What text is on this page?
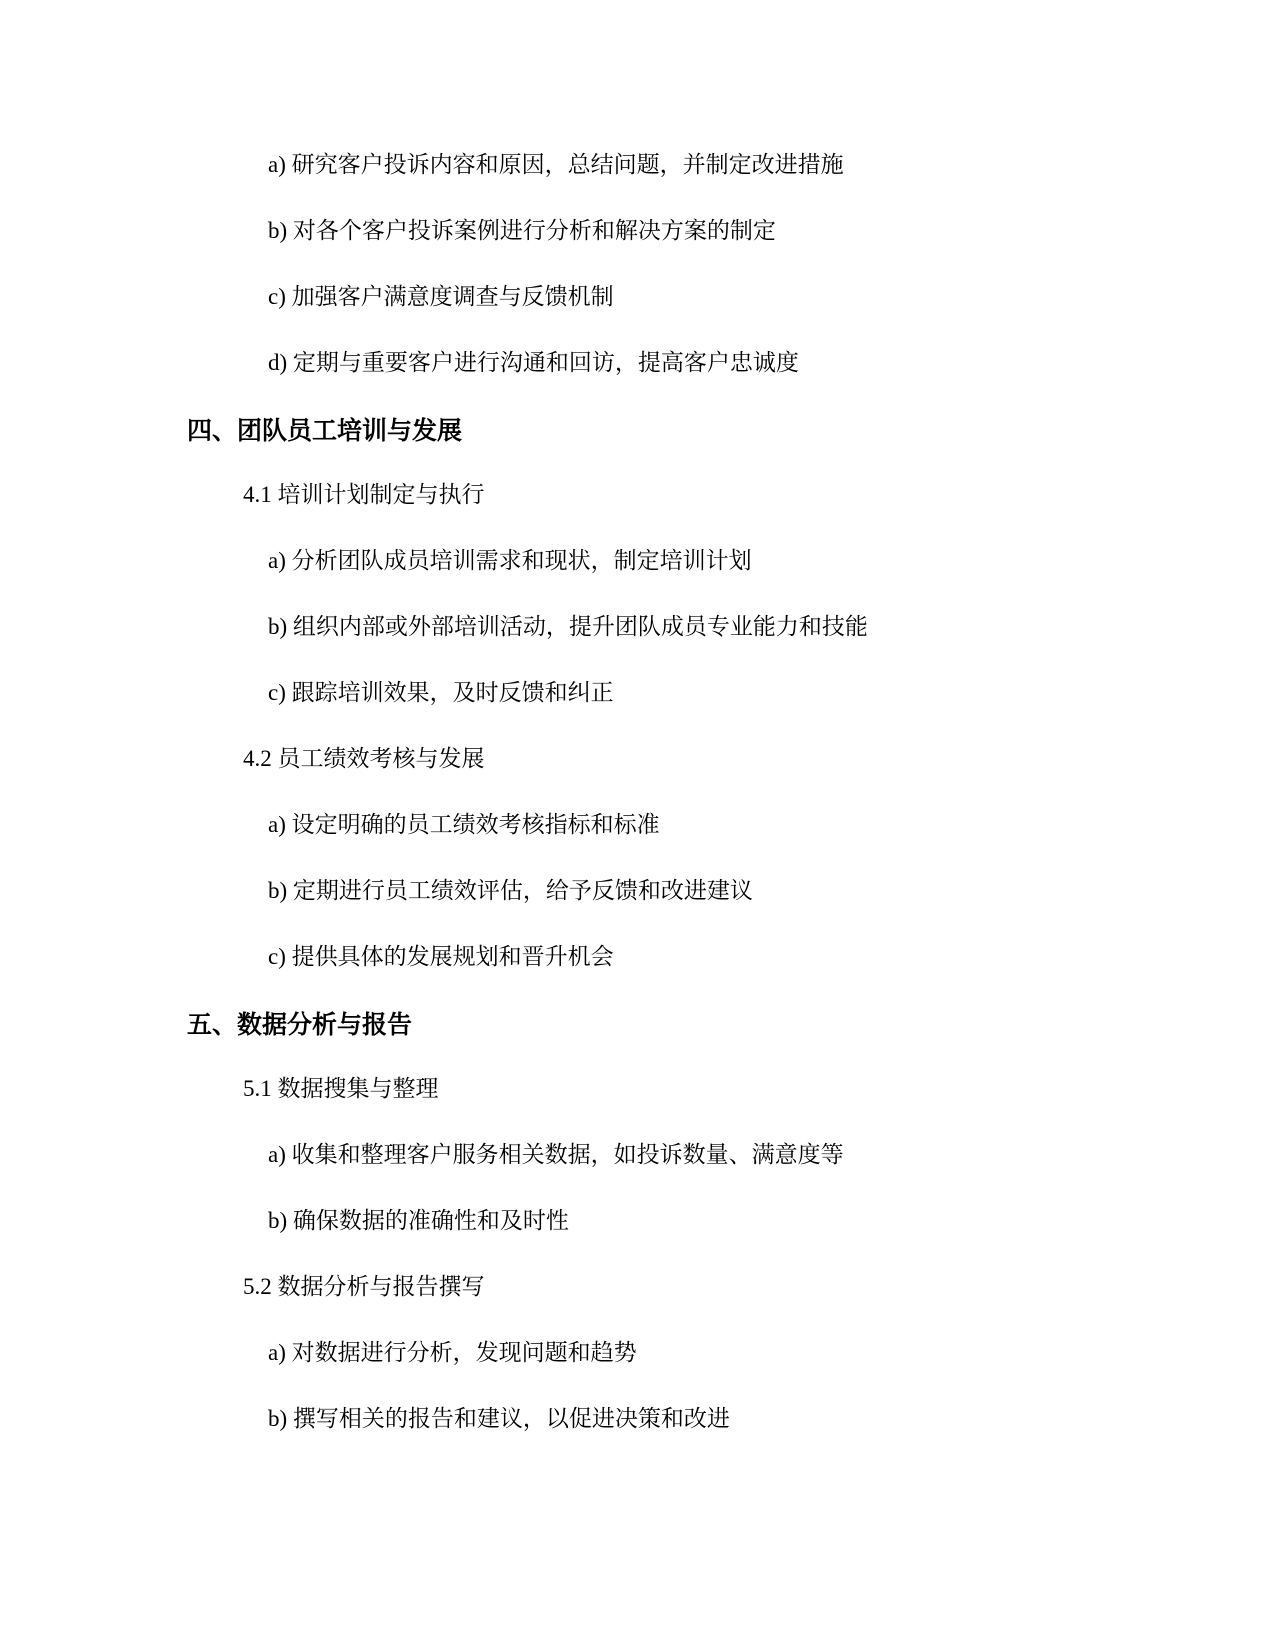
a) 研究客户投诉内容和原因，总结问题，并制定改进措施
b) 对各个客户投诉案例进行分析和解决方案的制定
c) 加强客户满意度调查与反馈机制
d) 定期与重要客户进行沟通和回访，提高客户忠诚度
四、团队员工培训与发展
4.1 培训计划制定与执行
a) 分析团队成员培训需求和现状，制定培训计划
b) 组织内部或外部培训活动，提升团队成员专业能力和技能
c) 跟踪培训效果，及时反馈和纠正
4.2 员工绩效考核与发展
a) 设定明确的员工绩效考核指标和标准
b) 定期进行员工绩效评估，给予反馈和改进建议
c) 提供具体的发展规划和晋升机会
五、数据分析与报告
5.1 数据搜集与整理
a) 收集和整理客户服务相关数据，如投诉数量、满意度等
b) 确保数据的准确性和及时性
5.2 数据分析与报告撰写
a) 对数据进行分析，发现问题和趋势
b) 撰写相关的报告和建议，以促进决策和改进
